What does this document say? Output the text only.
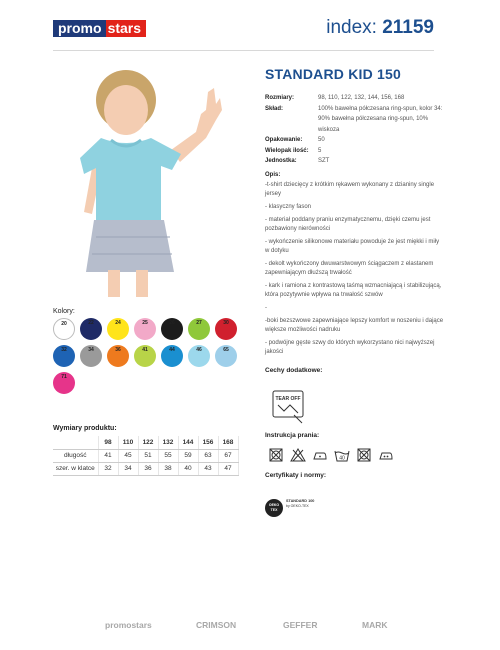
promo stars	index: 21159
Kolory:
20	22	24	25	26	27	30
32	34	36	41	44	46	65
71
Wymiary produktu:
	98	110	122	132	144	156	168
długość	41	45	51	55	59	63	67
szer. w klatce	32	34	36	38	40	43	47
STANDARD KID 150
Rozmiary:	98, 110, 122, 132, 144, 156, 168
Skład:	100% bawełna półczesana ring-spun, kolor 34: 90% bawełna półczesana ring-spun, 10% wiskoza
Opakowanie:	50
Wielopak ilość:	5
Jednostka:	SZT
Opis:

-t-shirt dziecięcy z krótkim rękawem wykonany z dzianiny single jersey

- klasyczny fason

- materiał poddany praniu enzymatycznemu, dzięki czemu jest pozbawiony nierówności

- wykończenie silikonowe materiału powoduje że jest miękki i miły w dotyku

- dekolt wykończony dwuwarstwowym ściągaczem z elastanem zapewniającym dłuższą trwałość

- kark i ramiona z kontrastową taśmą wzmacniającą i stabilizującą, która pozytywnie wpływa na trwałość szwów

-

-boki bezszwowe zapewniające lepszy komfort w noszeniu i dające większe możliwości nadruku

- podwójne gęste szwy do których wykorzystano nici najwyższej jakości

Cechy dodatkowe:
TEAR OFF
Instrukcja prania:
40
Certyfikaty i normy:
OEKO TEX
STANDARD 100
by OEKO-TEX
promostars	CRIMSON	GEFFER	MARK
